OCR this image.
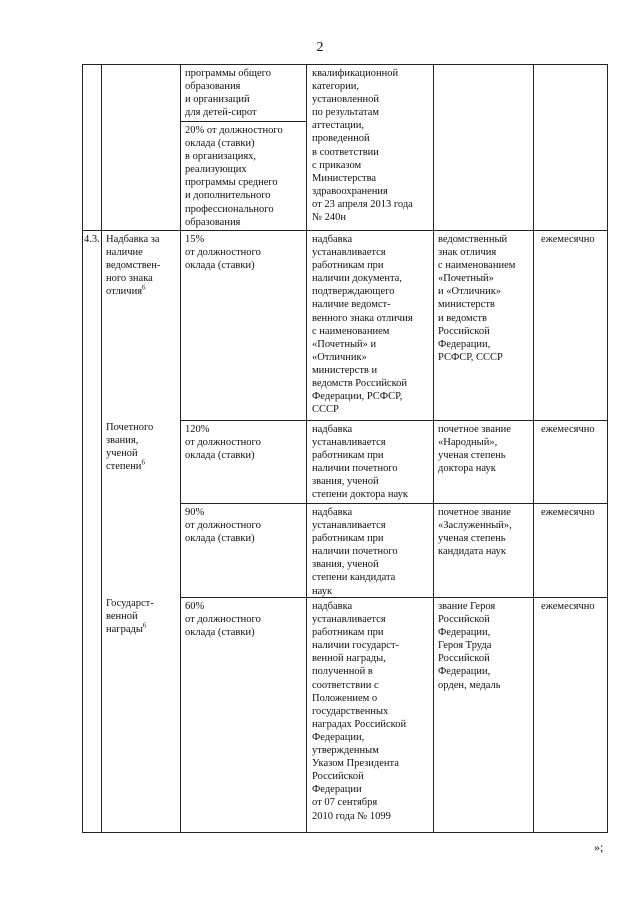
2
программы общего
образования
и организаций
для детей-сирот
20% от должностного
оклада (ставки)
в организациях,
реализующих
программы среднего
и дополнительного
профессионального
образования
квалификационной
категории,
установленной
по результатам
аттестации,
проведенной
в соответствии
с приказом
Министерства
здравоохранения
от 23 апреля 2013 года
№ 240н
4.3. Надбавка за
наличие
ведомствен-
ного знака
отличия$^6$
15%
от должностного
оклада (ставки)
надбавка
устанавливается
работникам при
наличии документа,
подтверждающего
наличие ведомст-
венного знака отличия
с наименованием
«Почетный» и
«Отличник»
министерств и
ведомств Российской
Федерации, РСФСР,
СССР
ведомственный
знак отличия
с наименованием
«Почетный»
и «Отличник»
министерств
и ведомств
Российской
Федерации,
РСФСР, СССР
ежемесячно
Почетного
звания,
ученой
степени$^6$
120%
от должностного
оклада (ставки)
надбавка
устанавливается
работникам при
наличии почетного
звания, ученой
степени доктора наук
почетное звание
«Народный»,
ученая степень
доктора наук
ежемесячно
90%
от должностного
оклада (ставки)
надбавка
устанавливается
работникам при
наличии почетного
звания, ученой
степени кандидата
наук
почетное звание
«Заслуженный»,
ученая степень
кандидата наук
ежемесячно
Государст-
венной
награды$^6$
60%
от должностного
оклада (ставки)
надбавка
устанавливается
работникам при
наличии государст-
венной награды,
полученной в
соответствии с
Положением о
государственных
наградах Российской
Федерации,
утвержденным
Указом Президента
Российской
Федерации
от 07 сентября
2010 года № 1099
звание Героя
Российской
Федерации,
Героя Труда
Российской
Федерации,
орден, медаль
ежемесячно
»;
